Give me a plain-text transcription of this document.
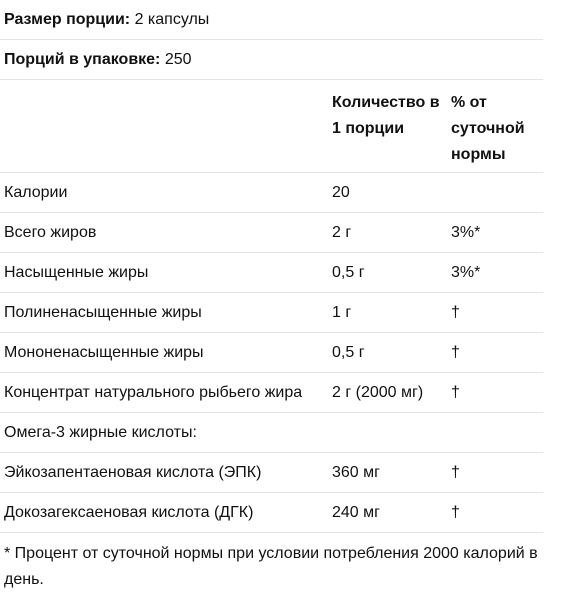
Размер порции:
2 капсулы
Порций в упаковке:
250
Количество в 1 порции
% от суточной нормы
Калории	20
Всего жиров	2 г	3%*
Насыщенные жиры	0,5 г	3%*
Полиненасыщенные жиры	1 г	†
Мононенасыщенные жиры	0,5 г	†
Концентрат натурального рыбьего жира	2 г (2000 мг)	†
Омега-3 жирные кислоты:
Эйкозапентаеновая кислота (ЭПК)	360 мг	†
Докозагексаеновая кислота (ДГК)	240 мг	†
* Процент от суточной нормы при условии потребления 2000 калорий в день.
